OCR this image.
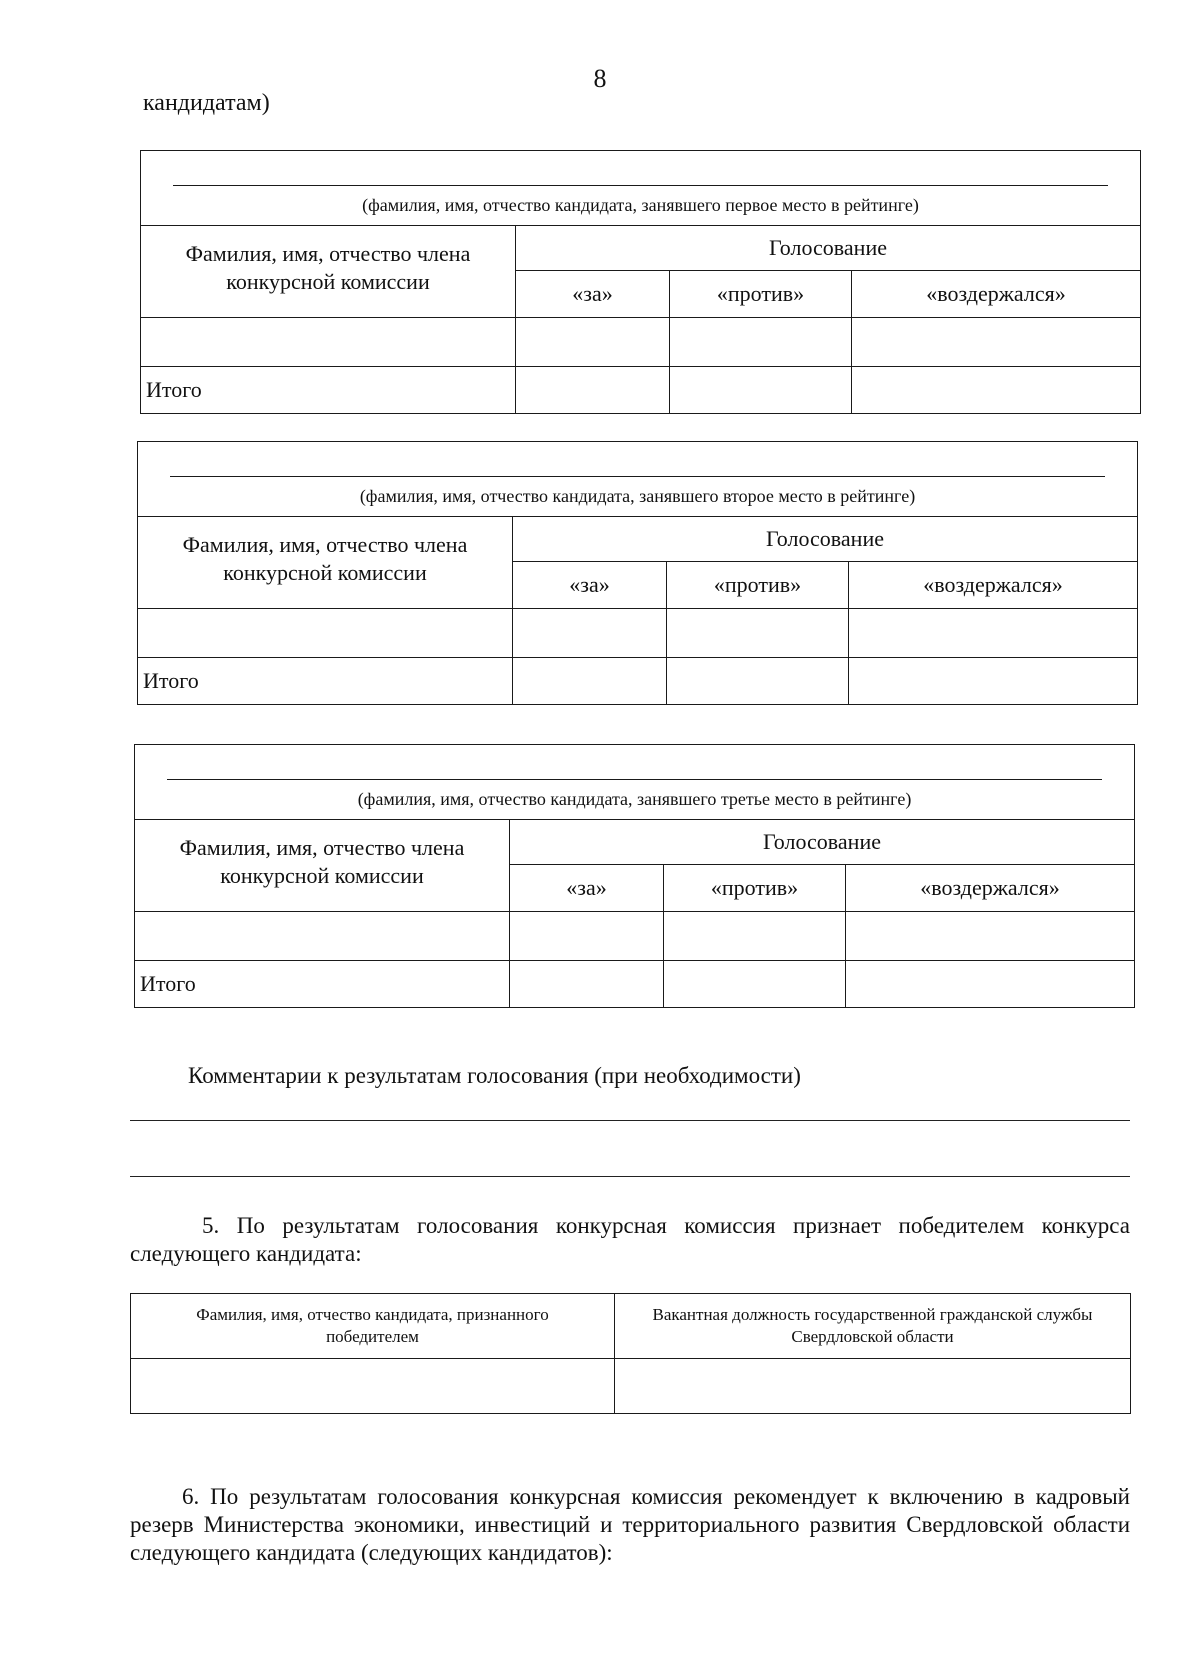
8
кандидатам)
(фамилия, имя, отчество кандидата, занявшего первое место в рейтинге)			

Фамилия, имя, отчество члена конкурсной комиссии	Голосование		
	«за»	«против»	«воздержался»

Итого			
(фамилия, имя, отчество кандидата, занявшего второе место в рейтинге)			

Фамилия, имя, отчество члена конкурсной комиссии	Голосование		
	«за»	«против»	«воздержался»

Итого			
(фамилия, имя, отчество кандидата, занявшего третье место в рейтинге)			

Фамилия, имя, отчество члена конкурсной комиссии	Голосование		
	«за»	«против»	«воздержался»

Итого			
Комментарии к результатам голосования (при необходимости)
5. По результатам голосования конкурсная комиссия признает победителем конкурса следующего кандидата:
Фамилия, имя, отчество кандидата, признанного победителем	Вакантная должность государственной гражданской службы Свердловской области

6. По результатам голосования конкурсная комиссия рекомендует к включению в кадровый резерв Министерства экономики, инвестиций и территориального развития Свердловской области следующего кандидата (следующих кандидатов):
